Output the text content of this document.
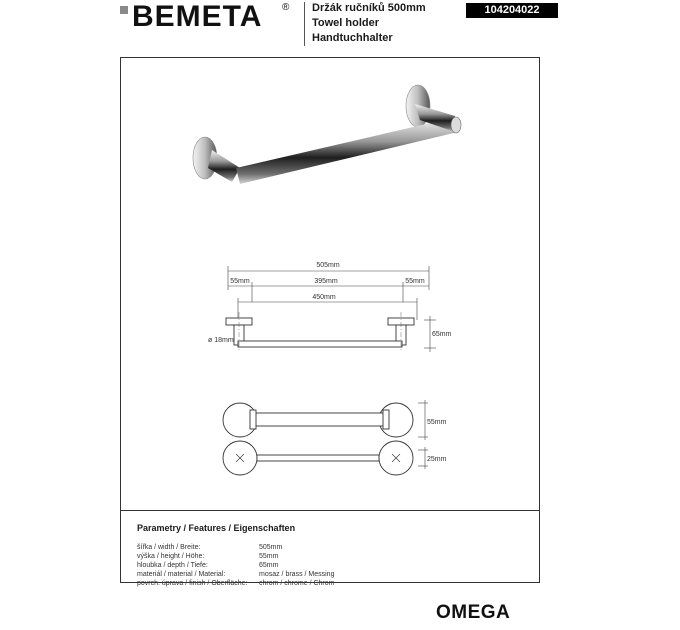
BEMETA ® Držák ručníků 500mm
Towel holder
Handtuchhalter
104204022
505mm
55mm	395mm	55mm
450mm
65mm
ø 18mm
55mm
25mm
Parametry / Features / Eigenschaften
šířka / width / Breite:	505mm
výška / height / Höhe:	55mm
hloubka / depth / Tiefe:	65mm
materiál / material / Material:	mosaz / brass / Messing
povrch. úprava / finish / Oberfläche: chrom / chrome / Chrom
OMEGA
